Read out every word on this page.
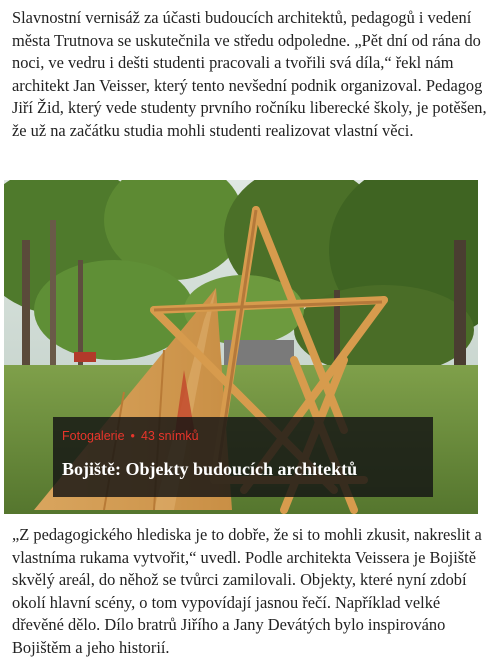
Slavnostní vernisáž za účasti budoucích architektů, pedagogů i vedení města Trutnova se uskutečnila ve středu odpoledne. „Pět dní od rána do noci, ve vedru i dešti studenti pracovali a tvořili svá díla,“ řekl nám architekt Jan Veisser, který tento nevšední podnik organizoval. Pedagog Jiří Žid, který vede studenty prvního ročníku liberecké školy, je potěšen, že už na začátku studia mohli studenti realizovat vlastní věci.

Fotogalerie • 43 snímků
Bojiště: Objekty budoucích architektů

„Z pedagogického hlediska je to dobře, že si to mohli zkusit, nakreslit a vlastníma rukama vytvořit,“ uvedl. Podle architekta Veissera je Bojiště skvělý areál, do něhož se tvůrci zamilovali. Objekty, které nyní zdobí okolí hlavní scény, o tom vypovídají jasnou řečí. Například velké dřevěné dělo. Dílo bratrů Jiřího a Jany Devátých bylo inspirováno Bojištěm a jeho historií.
